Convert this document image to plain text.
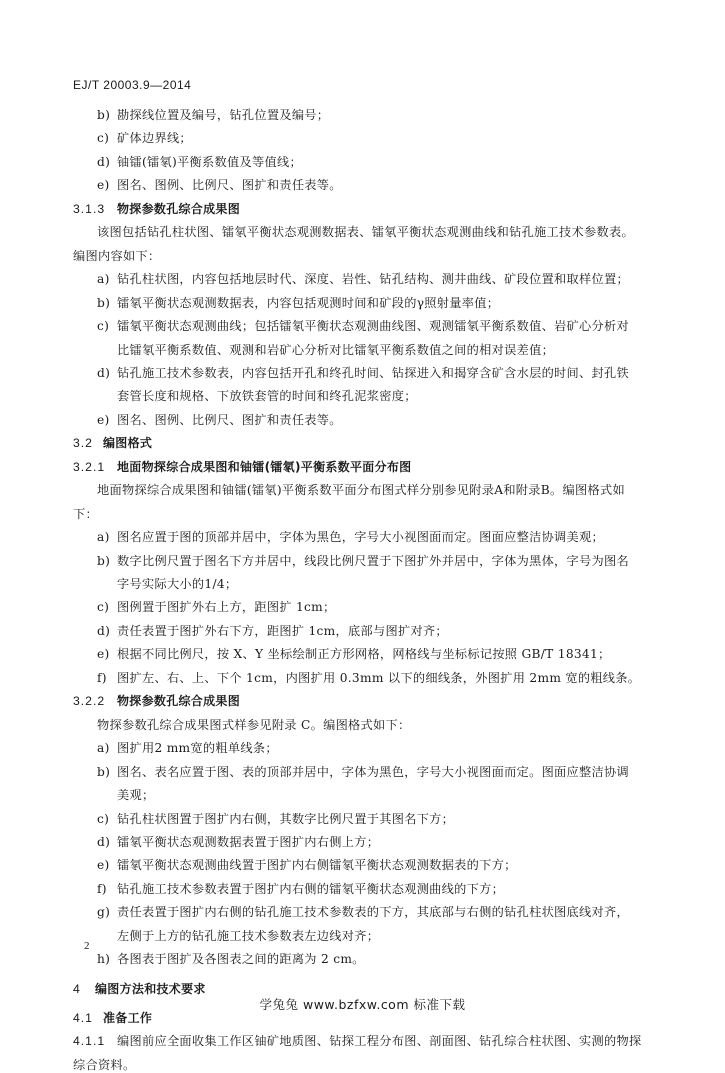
EJ/T 20003.9—2014
b) 勘探线位置及编号，钻孔位置及编号；
c) 矿体边界线；
d) 铀镭(镭氡)平衡系数值及等值线；
e) 图名、图例、比例尺、图扩和责任表等。
3.1.3 物探参数孔综合成果图
该图包括钻孔柱状图、镭氡平衡状态观测数据表、镭氡平衡状态观测曲线和钻孔施工技术参数表。
编图内容如下：
a) 钻孔柱状图，内容包括地层时代、深度、岩性、钻孔结构、测井曲线、矿段位置和取样位置；
b) 镭氡平衡状态观测数据表，内容包括观测时间和矿段的γ照射量率值；
c) 镭氡平衡状态观测曲线；包括镭氡平衡状态观测曲线图、观测镭氡平衡系数值、岩矿心分析对
比镭氡平衡系数值、观测和岩矿心分析对比镭氡平衡系数值之间的相对误差值；
d) 钻孔施工技术参数表，内容包括开孔和终孔时间、钻探进入和揭穿含矿含水层的时间、封孔铁
套管长度和规格、下放铁套管的时间和终孔泥浆密度；
e) 图名、图例、比例尺、图扩和责任表等。
3.2 编图格式
3.2.1 地面物探综合成果图和铀镭(镭氡)平衡系数平面分布图
地面物探综合成果图和铀镭(镭氡)平衡系数平面分布图式样分别参见附录A和附录B。编图格式如
下：
a) 图名应置于图的顶部并居中，字体为黑色，字号大小视图面而定。图面应整洁协调美观；
b) 数字比例尺置于图名下方并居中，线段比例尺置于下图扩外并居中，字体为黑体，字号为图名
字号实际大小的1/4；
c) 图例置于图扩外右上方，距图扩 1cm；
d) 责任表置于图扩外右下方，距图扩 1cm，底部与图扩对齐；
e) 根据不同比例尺，按 X、Y 坐标绘制正方形网格，网格线与坐标标记按照 GB/T 18341；
f) 图扩左、右、上、下个 1cm，内图扩用 0.3mm 以下的细线条，外图扩用 2mm 宽的粗线条。
3.2.2 物探参数孔综合成果图
物探参数孔综合成果图式样参见附录 C。编图格式如下：
a) 图扩用2 mm宽的粗单线条；
b) 图名、表名应置于图、表的顶部并居中，字体为黑色，字号大小视图面而定。图面应整洁协调
美观；
c) 钻孔柱状图置于图扩内右侧，其数字比例尺置于其图名下方；
d) 镭氡平衡状态观测数据表置于图扩内右侧上方；
e) 镭氡平衡状态观测曲线置于图扩内右侧镭氡平衡状态观测数据表的下方；
f) 钻孔施工技术参数表置于图扩内右侧的镭氡平衡状态观测曲线的下方；
g) 责任表置于图扩内右侧的钻孔施工技术参数表的下方，其底部与右侧的钻孔柱状图底线对齐，
左侧于上方的钻孔施工技术参数表左边线对齐；
h) 各图表于图扩及各图表之间的距离为 2 cm。
4 编图方法和技术要求
4.1 准备工作
4.1.1 编图前应全面收集工作区铀矿地质图、钻探工程分布图、剖面图、钻孔综合柱状图、实测的物探
综合资料。
2
学兔兔 www.bzfxw.com 标准下载
